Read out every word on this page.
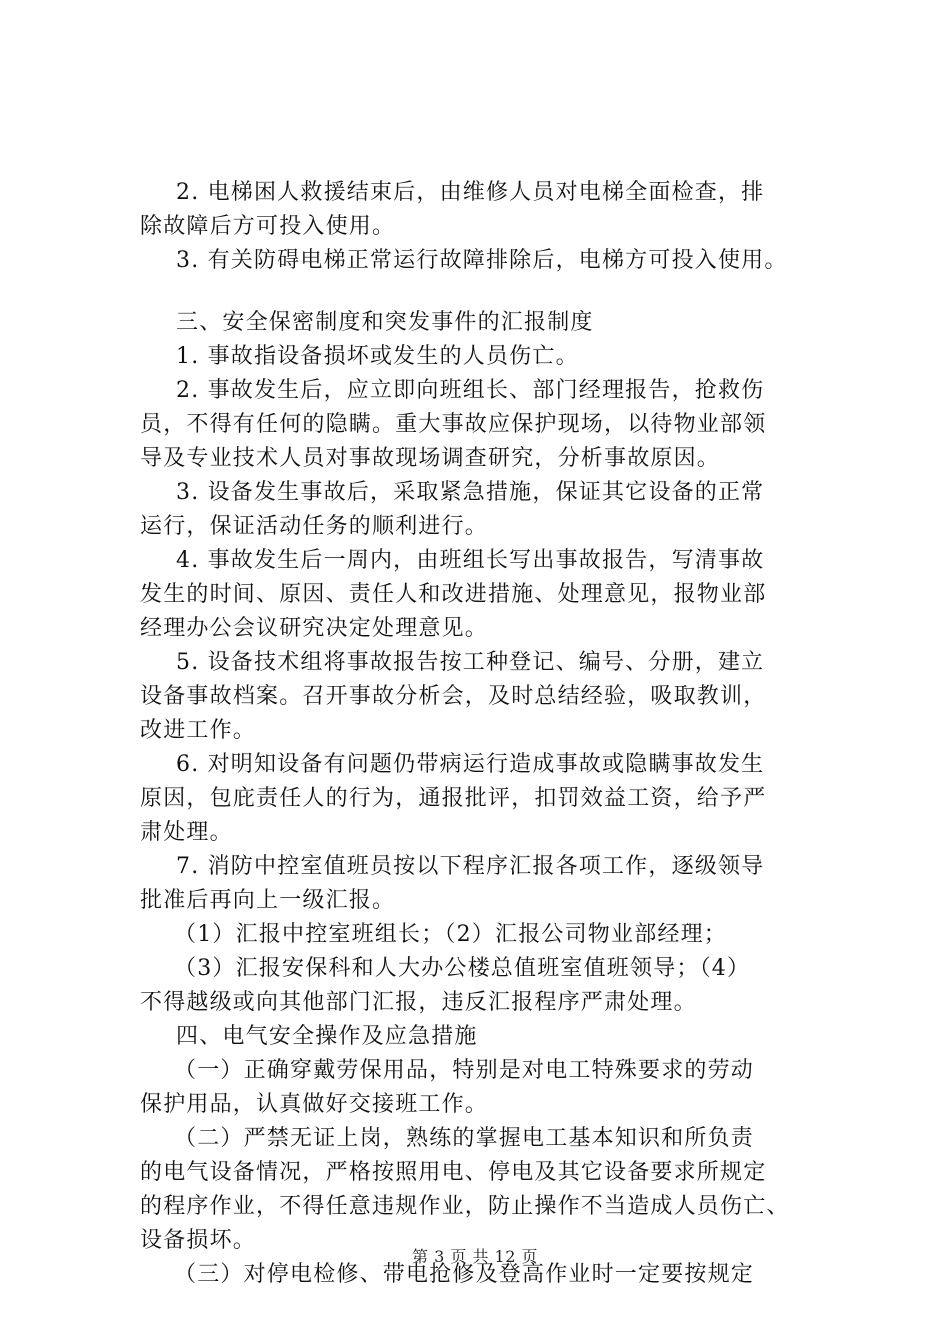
2. 电梯困人救援结束后，由维修人员对电梯全面检查，排
除故障后方可投入使用。
3. 有关防碍电梯正常运行故障排除后，电梯方可投入使用。
三、安全保密制度和突发事件的汇报制度
1. 事故指设备损坏或发生的人员伤亡。
2. 事故发生后，应立即向班组长、部门经理报告，抢救伤
员，不得有任何的隐瞒。重大事故应保护现场，以待物业部领
导及专业技术人员对事故现场调查研究，分析事故原因。
3. 设备发生事故后，采取紧急措施，保证其它设备的正常
运行，保证活动任务的顺利进行。
4. 事故发生后一周内，由班组长写出事故报告，写清事故
发生的时间、原因、责任人和改进措施、处理意见，报物业部
经理办公会议研究决定处理意见。
5. 设备技术组将事故报告按工种登记、编号、分册，建立
设备事故档案。召开事故分析会，及时总结经验，吸取教训，
改进工作。
6. 对明知设备有问题仍带病运行造成事故或隐瞒事故发生
原因，包庇责任人的行为，通报批评，扣罚效益工资，给予严
肃处理。
7. 消防中控室值班员按以下程序汇报各项工作，逐级领导
批准后再向上一级汇报。
（1）汇报中控室班组长；（2）汇报公司物业部经理；
（3）汇报安保科和人大办公楼总值班室值班领导；（4）
不得越级或向其他部门汇报，违反汇报程序严肃处理。
四、电气安全操作及应急措施
（一）正确穿戴劳保用品，特别是对电工特殊要求的劳动
保护用品，认真做好交接班工作。
（二）严禁无证上岗，熟练的掌握电工基本知识和所负责
的电气设备情况，严格按照用电、停电及其它设备要求所规定
的程序作业，不得任意违规作业，防止操作不当造成人员伤亡、
设备损坏。
（三）对停电检修、带电抢修及登高作业时一定要按规定
第 3 页 共 12 页
